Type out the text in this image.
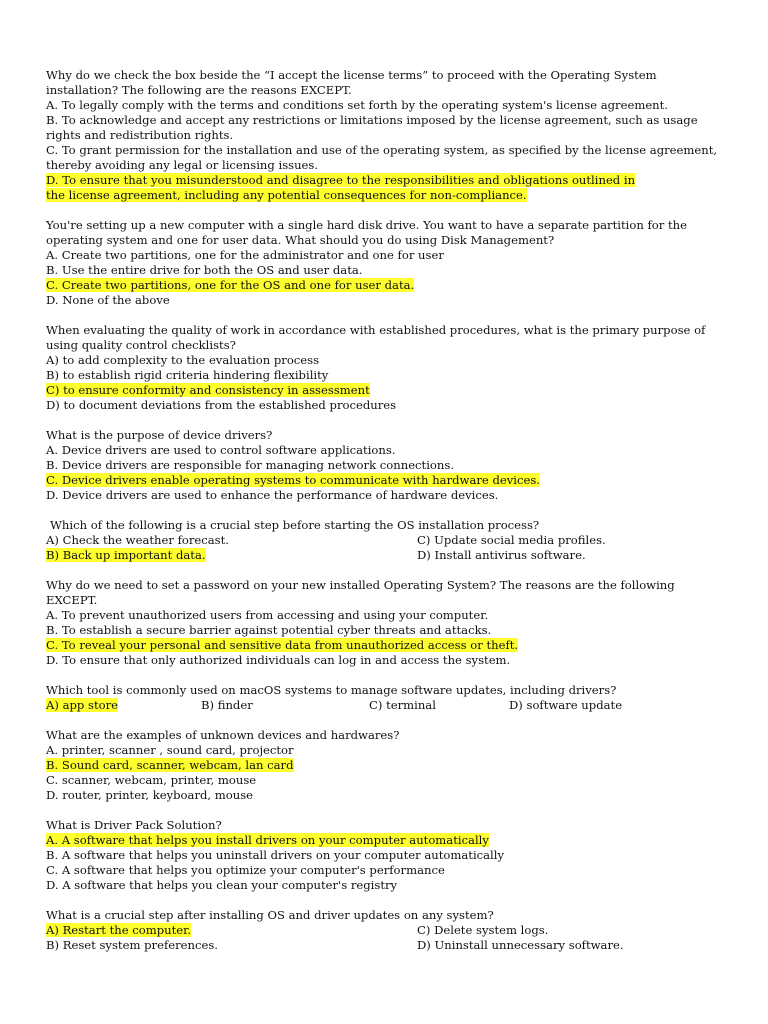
Why do we check the box beside the “I accept the license terms” to proceed with the Operating System installation? The following are the reasons EXCEPT.
A. To legally comply with the terms and conditions set forth by the operating system's license agreement.
B. To acknowledge and accept any restrictions or limitations imposed by the license agreement, such as usage rights and redistribution rights.
C. To grant permission for the installation and use of the operating system, as specified by the license agreement, thereby avoiding any legal or licensing issues.
D. To ensure that you misunderstood and disagree to the responsibilities and obligations outlined in
the license agreement, including any potential consequences for non-compliance.
You're setting up a new computer with a single hard disk drive. You want to have a separate partition for the operating system and one for user data. What should you do using Disk Management?
A. Create two partitions, one for the administrator and one for user
B. Use the entire drive for both the OS and user data.
C. Create two partitions, one for the OS and one for user data.
D. None of the above
When evaluating the quality of work in accordance with established procedures, what is the primary purpose of using quality control checklists?
A) to add complexity to the evaluation process
B) to establish rigid criteria hindering flexibility
C) to ensure conformity and consistency in assessment
D) to document deviations from the established procedures
What is the purpose of device drivers?
A. Device drivers are used to control software applications.
B. Device drivers are responsible for managing network connections.
C. Device drivers enable operating systems to communicate with hardware devices.
D. Device drivers are used to enhance the performance of hardware devices.
Which of the following is a crucial step before starting the OS installation process?
A) Check the weather forecast.	C) Update social media profiles.
B) Back up important data.	D) Install antivirus software.
Why do we need to set a password on your new installed Operating System? The reasons are the following EXCEPT.
A. To prevent unauthorized users from accessing and using your computer.
B. To establish a secure barrier against potential cyber threats and attacks.
C. To reveal your personal and sensitive data from unauthorized access or theft.
D. To ensure that only authorized individuals can log in and access the system.
Which tool is commonly used on macOS systems to manage software updates, including drivers?
A) app store	B) finder	C) terminal	D) software update
What are the examples of unknown devices and hardwares?
A. printer, scanner , sound card, projector
B. Sound card, scanner, webcam, lan card
C. scanner, webcam, printer, mouse
D. router, printer, keyboard, mouse
What is Driver Pack Solution?
A. A software that helps you install drivers on your computer automatically
B. A software that helps you uninstall drivers on your computer automatically
C. A software that helps you optimize your computer's performance
D. A software that helps you clean your computer's registry
What is a crucial step after installing OS and driver updates on any system?
A) Restart the computer.	C) Delete system logs.
B) Reset system preferences.	D) Uninstall unnecessary software.
